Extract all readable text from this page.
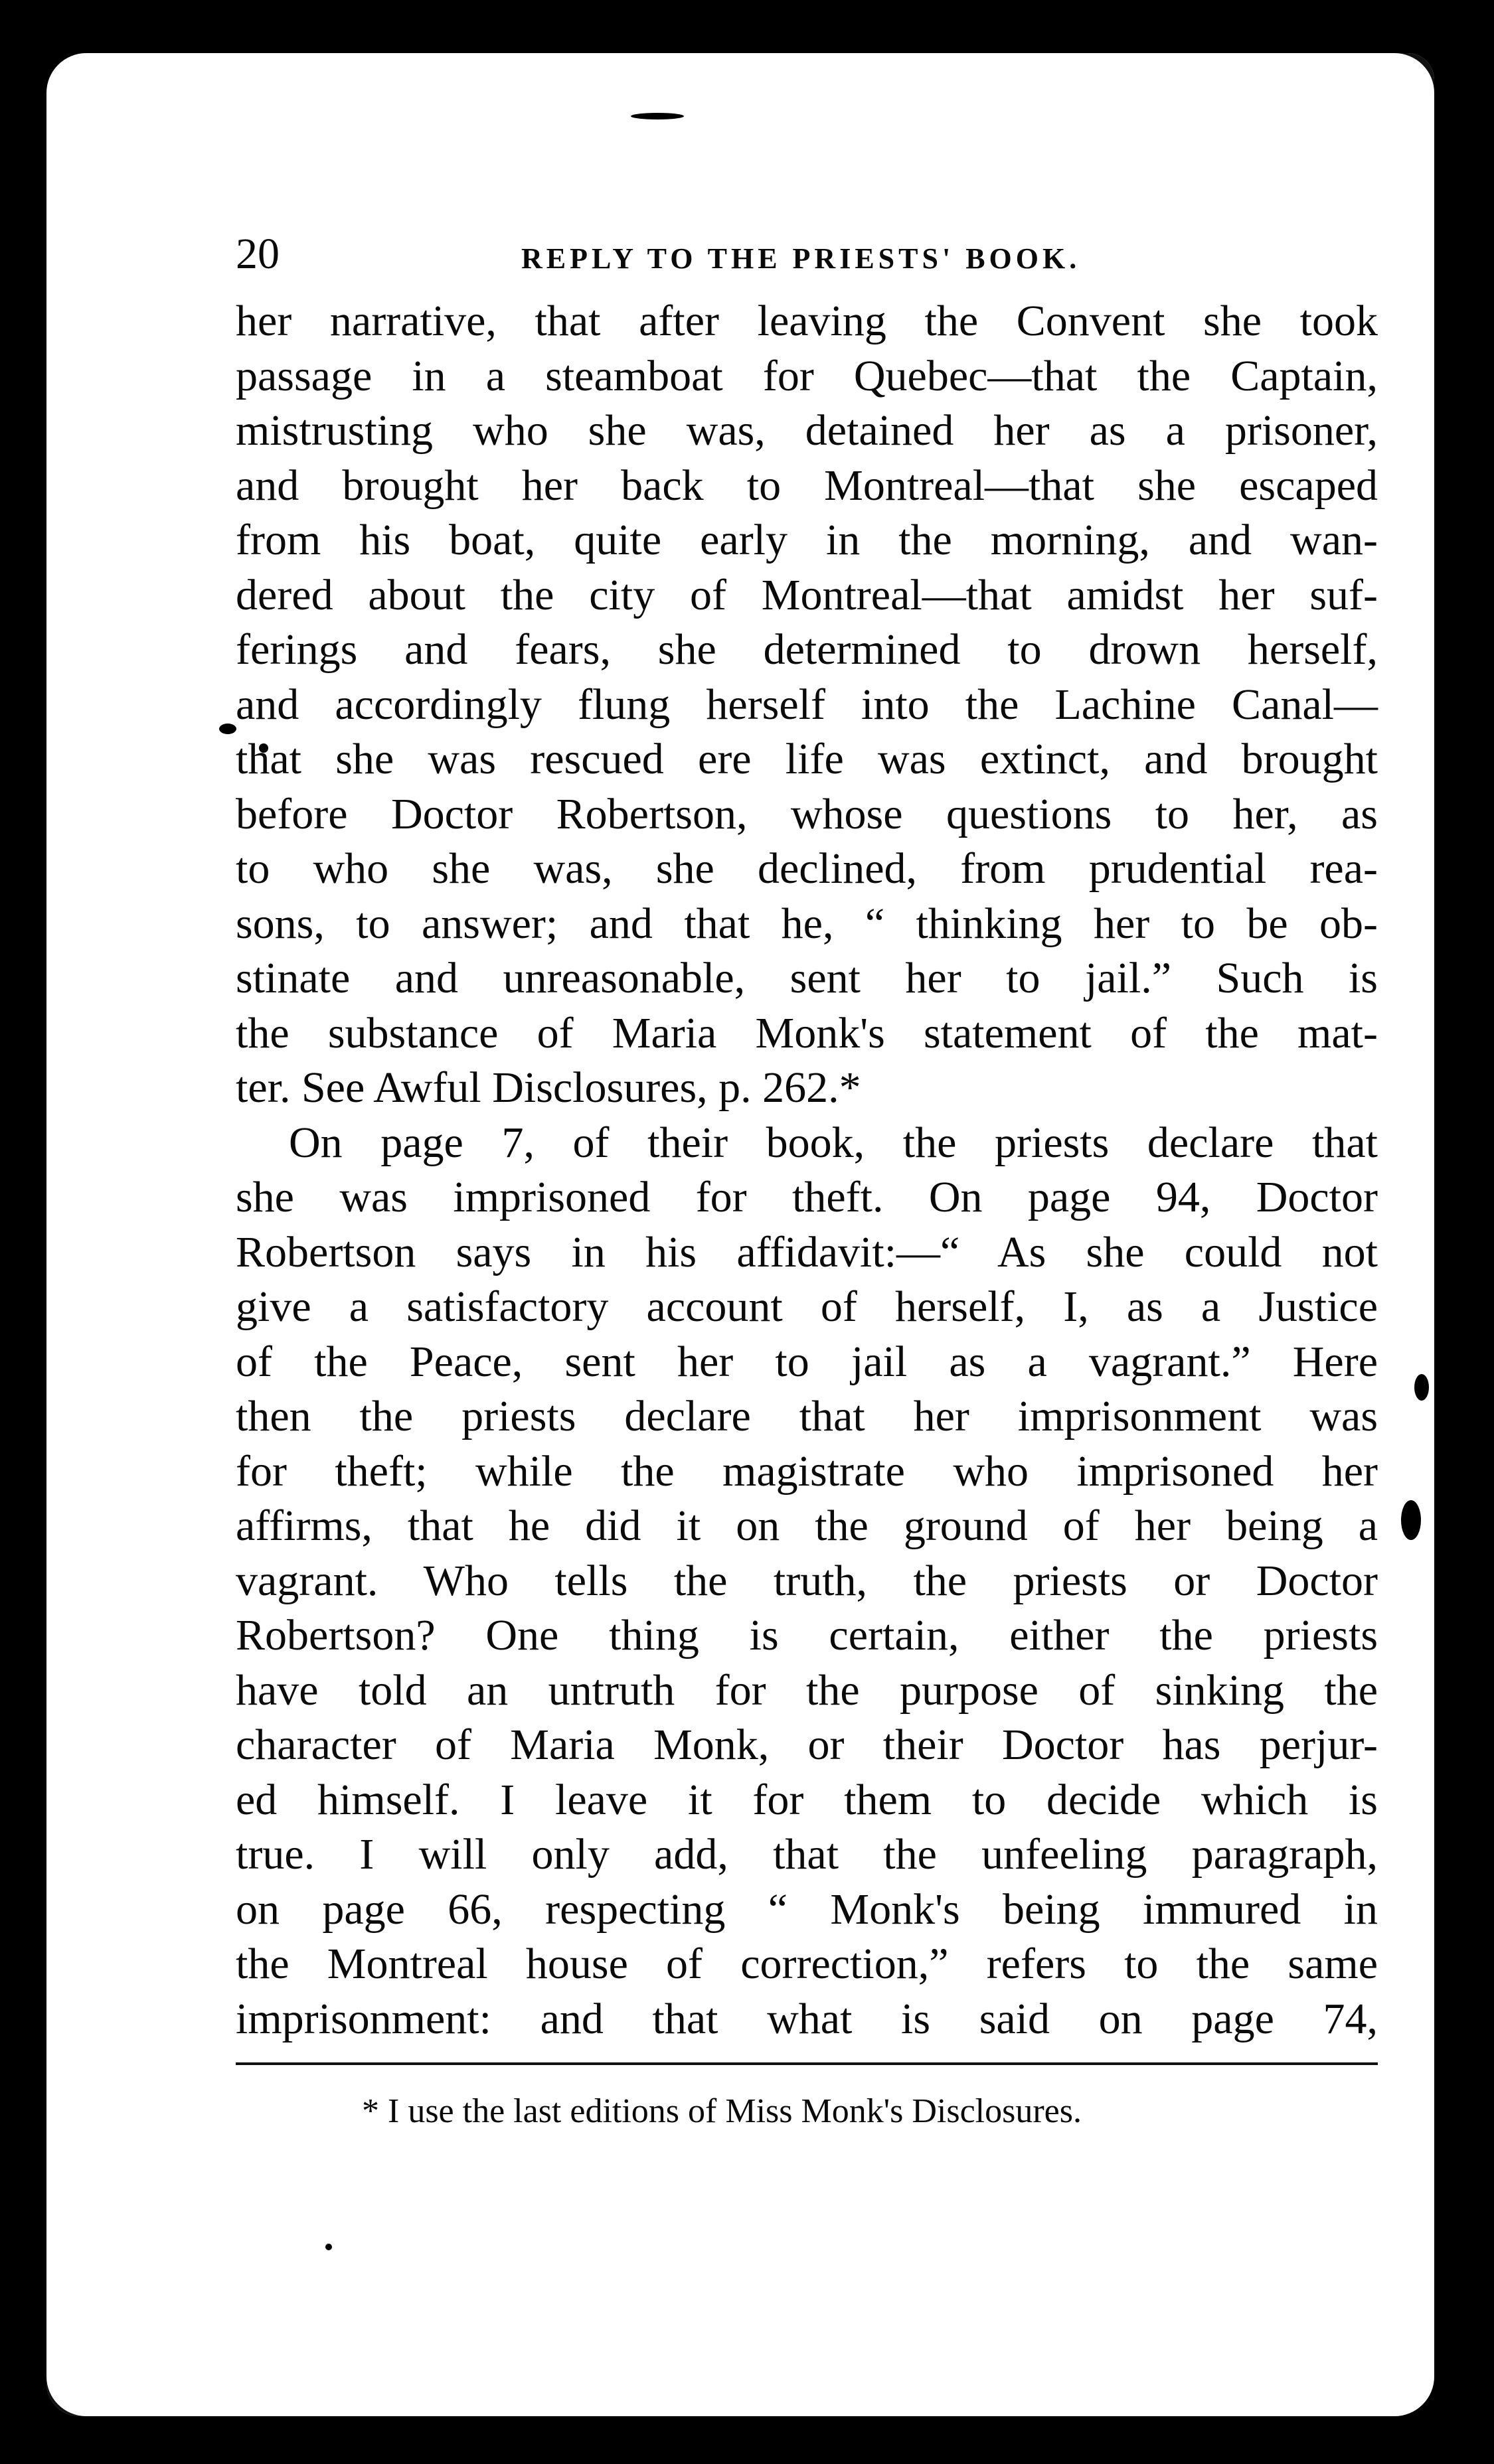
20	REPLY TO THE PRIESTS' BOOK.
her narrative, that after leaving the Convent she took
passage in a steamboat for Quebec—that the Captain,
mistrusting who she was, detained her as a prisoner,
and brought her back to Montreal—that she escaped
from his boat, quite early in the morning, and wan-
dered about the city of Montreal—that amidst her suf-
ferings and fears, she determined to drown herself,
and accordingly flung herself into the Lachine Canal—
that she was rescued ere life was extinct, and brought
before Doctor Robertson, whose questions to her, as
to who she was, she declined, from prudential rea-
sons, to answer; and that he, “ thinking her to be ob-
stinate and unreasonable, sent her to jail.” Such is
the substance of Maria Monk's statement of the mat-
ter. See Awful Disclosures, p. 262.*
On page 7, of their book, the priests declare that
she was imprisoned for theft. On page 94, Doctor
Robertson says in his affidavit:—“ As she could not
give a satisfactory account of herself, I, as a Justice
of the Peace, sent her to jail as a vagrant.” Here
then the priests declare that her imprisonment was
for theft; while the magistrate who imprisoned her
affirms, that he did it on the ground of her being a
vagrant. Who tells the truth, the priests or Doctor
Robertson? One thing is certain, either the priests
have told an untruth for the purpose of sinking the
character of Maria Monk, or their Doctor has perjur-
ed himself. I leave it for them to decide which is
true. I will only add, that the unfeeling paragraph,
on page 66, respecting “ Monk's being immured in
the Montreal house of correction,” refers to the same
imprisonment: and that what is said on page 74,
* I use the last editions of Miss Monk's Disclosures.
